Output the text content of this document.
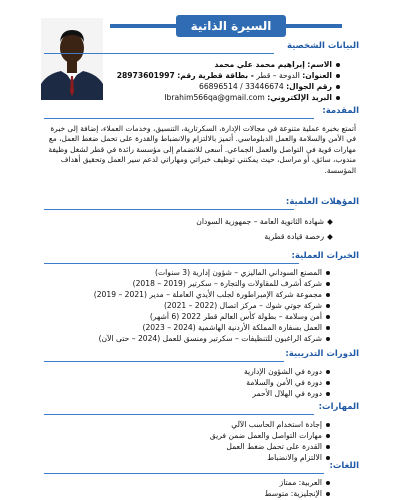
السيرة الذاتية
البيانات الشخصية
الاسم: إبراهيم محمد علي محمد
العنوان: الدوحة – قطر - بطاقة قطرية رقم: 28973601997
رقم الجوال: 33446674 / 66896514
البريد الإلكتروني: Ibrahim566qa@gmail.com
المقدمة:
أتمتع بخبرة عملية متنوعة في مجالات الإدارة، السكرتارية، التنسيق، وخدمات العملاء، إضافة إلى خبرة
في الأمن والسلامة والعمل الدبلوماسي. أتميز بالالتزام والانضباط والقدرة على تحمل ضغط العمل، مع
مهارات قوية في التواصل والعمل الجماعي. أسعى للانضمام إلى مؤسسة رائدة في قطر لشغل وظيفة
مندوب، سائق، أو مراسل، حيث يمكنني توظيف خبراتي ومهاراتي لدعم سير العمل وتحقيق أهداف
المؤسسة.
المؤهلات العلمية:
شهادة الثانوية العامة – جمهورية السودان
رخصة قيادة قطرية
الخبرات العملية:
المصنع السوداني الماليزي – شؤون إدارية (3 سنوات)
شركة أشرف للمقاولات والتجارة – سكرتير (2019 – 2018)
مجموعة شركة الإمبراطورة لجلب الأيدي العاملة – مدير (2021 – 2019)
شركة جوتي شوك – مركز اتصال (2022 – 2021)
أمن وسلامة – بطولة كأس العالم قطر 2022 (6 أشهر)
العمل بسفارة المملكة الأردنية الهاشمية (2024 – 2023)
شركة الراغبون للتنظيفات – سكرتير ومنسق للعمل (2024 – حتى الآن)
الدورات التدريبية:
دورة في الشؤون الإدارية
دورة في الأمن والسلامة
دورة في الهلال الأحمر
المهارات:
إجادة استخدام الحاسب الآلي
مهارات التواصل والعمل ضمن فريق
القدرة على تحمل ضغط العمل
الالتزام والانضباط
اللغات:
العربية: ممتاز
الإنجليزية: متوسط
